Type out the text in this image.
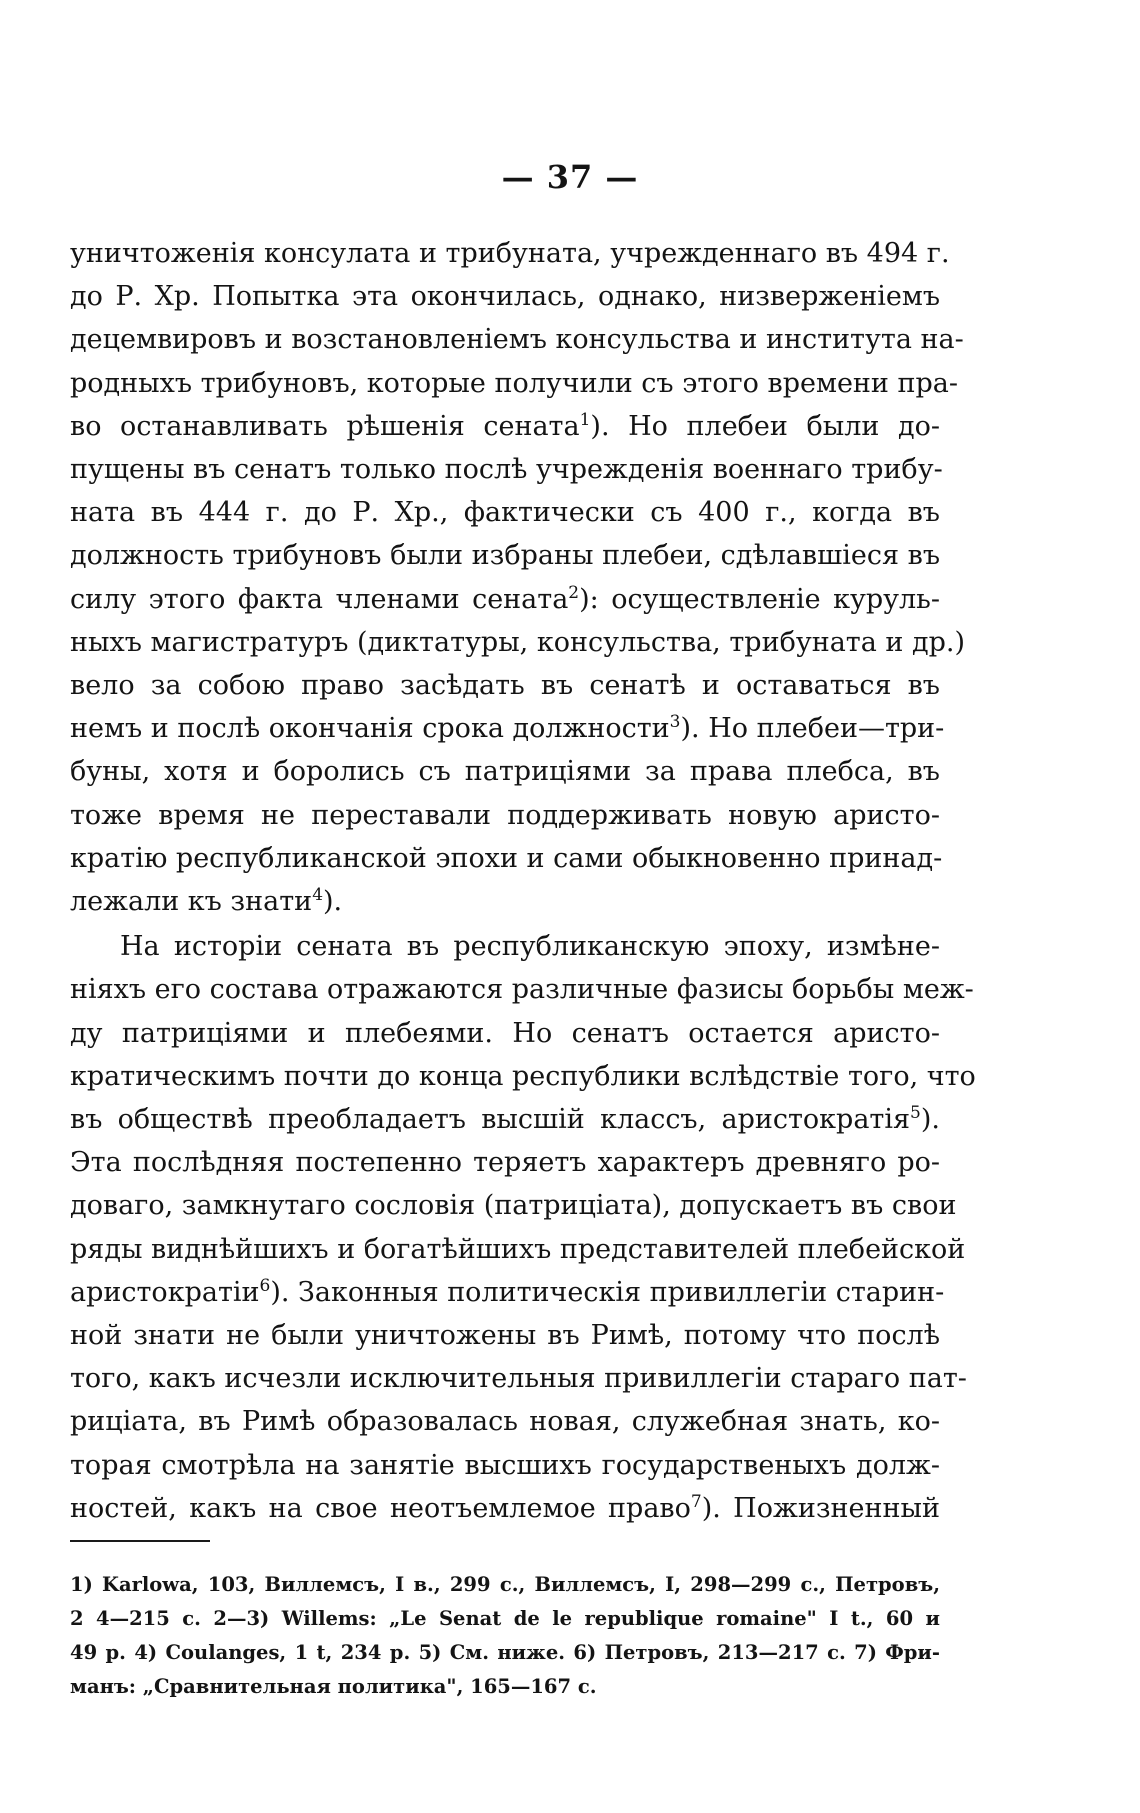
— 37 —
уничтоженія консулата и трибуната, учрежденнаго въ 494 г.
до Р. Хр. Попытка эта окончилась, однако, низверженіемъ
децемвировъ и возстановленіемъ консульства и института на-
родныхъ трибуновъ, которые получили съ этого времени пра-
во останавливать рѣшенія сената$^1$). Но плебеи были до-
пущены въ сенатъ только послѣ учрежденія военнаго трибу-
ната въ 444 г. до Р. Хр., фактически съ 400 г., когда въ
должность трибуновъ были избраны плебеи, сдѣлавшіеся въ
силу этого факта членами сената$^2$): осуществленіе куруль-
ныхъ магистратуръ (диктатуры, консульства, трибуната и др.)
вело за собою право засѣдать въ сенатѣ и оставаться въ
немъ и послѣ окончанія срока должности$^3$). Но плебеи—три-
буны, хотя и боролись съ патриціями за права плебса, въ
тоже время не переставали поддерживать новую аристо-
кратію республиканской эпохи и сами обыкновенно принад-
лежали къ знати$^4$).
На исторіи сената въ республиканскую эпоху, измѣне-
ніяхъ его состава отражаются различные фазисы борьбы меж-
ду патриціями и плебеями. Но сенатъ остается аристо-
кратическимъ почти до конца республики вслѣдствіе того, что
въ обществѣ преобладаетъ высшій классъ, аристократія$^5$).
Эта послѣдняя постепенно теряетъ характеръ древняго ро-
доваго, замкнутаго сословія (патриціата), допускаетъ въ свои
ряды виднѣйшихъ и богатѣйшихъ представителей плебейской
аристократіи$^6$). Законныя политическія привиллегіи старин-
ной знати не были уничтожены въ Римѣ, потому что послѣ
того, какъ исчезли исключительныя привиллегіи стараго пат-
риціата, въ Римѣ образовалась новая, служебная знать, ко-
торая смотрѣла на занятіе высшихъ государственыхъ долж-
ностей, какъ на свое неотъемлемое право$^7$). Пожизненный
1) Karlowa, 103, Виллемсъ, I в., 299 с., Виллемсъ, I, 298—299 с., Петровъ,
2 4—215 с. 2—3) Willems: „Le Senat de le republique romaine" I t., 60 и
49 p. 4) Coulanges, 1 t, 234 p. 5) См. ниже. 6) Петровъ, 213—217 с. 7) Фри-
манъ: „Сравнительная политика", 165—167 с.
